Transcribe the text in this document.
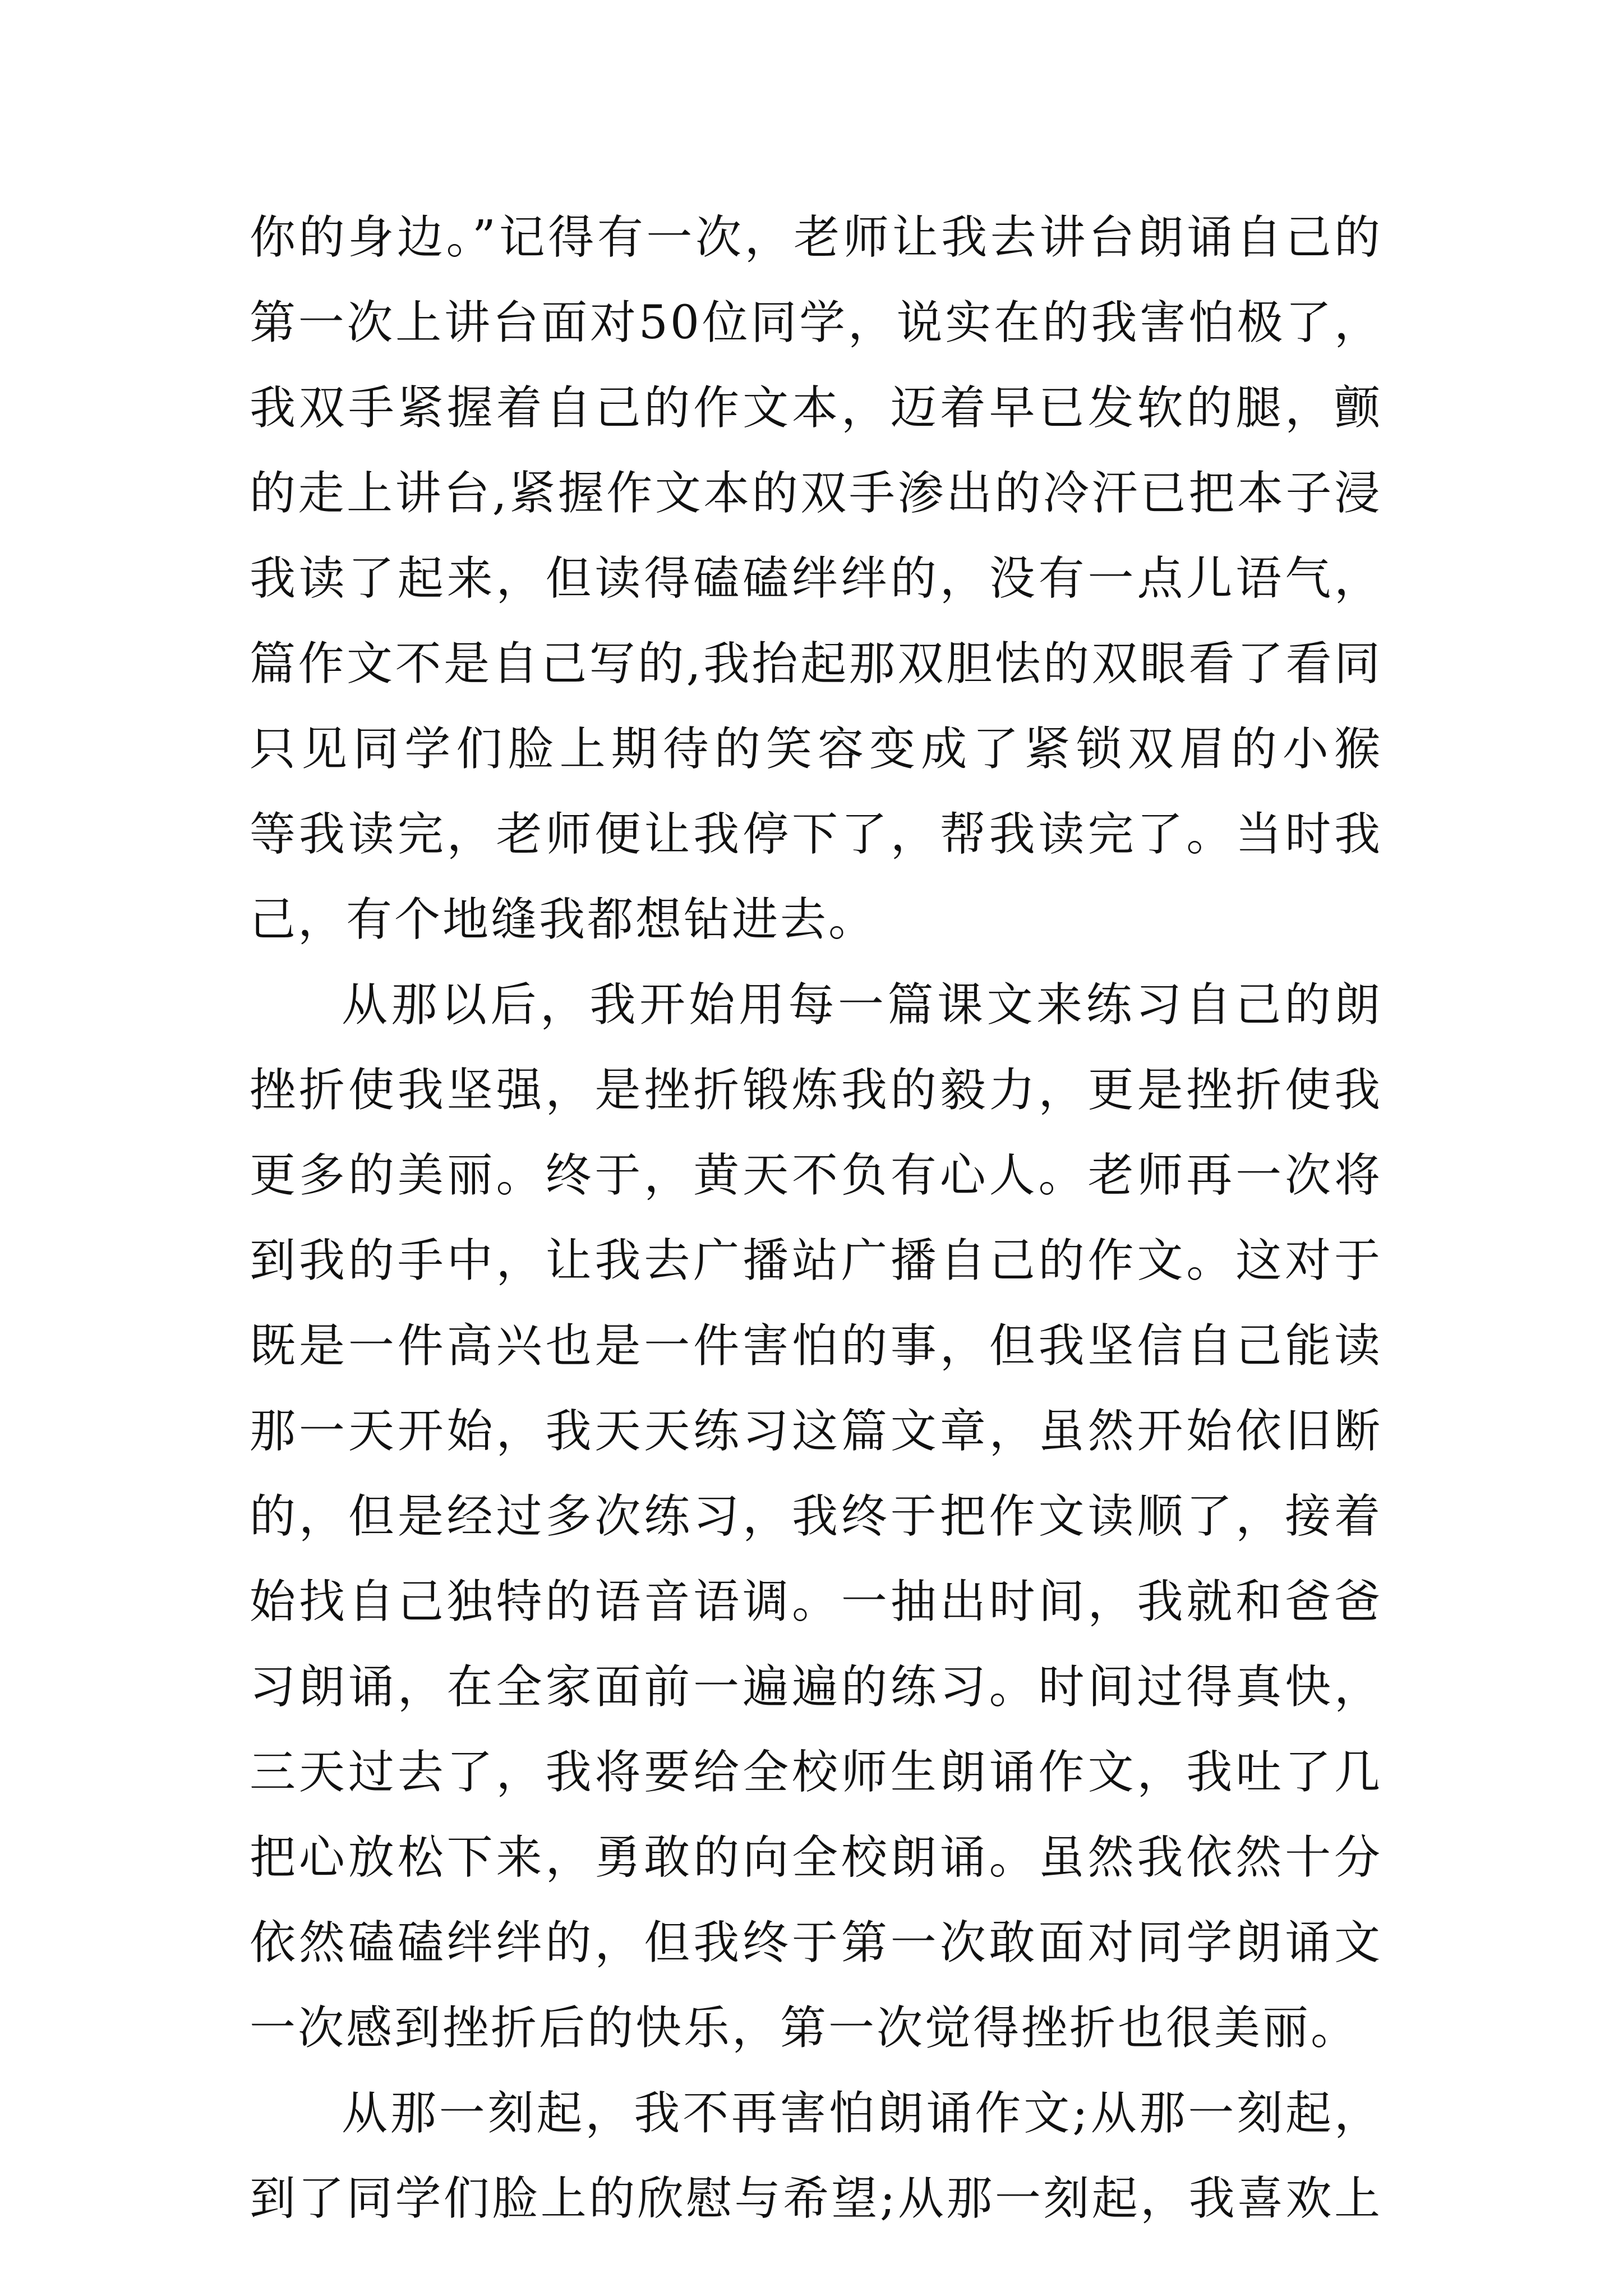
你的身边。”记得有一次，老师让我去讲台朗诵自己的
第一次上讲台面对50位同学，说实在的我害怕极了，
我双手紧握着自己的作文本，迈着早已发软的腿，颤
的走上讲台,紧握作文本的双手渗出的冷汗已把本子浸
我读了起来，但读得磕磕绊绊的，没有一点儿语气，
篇作文不是自己写的,我抬起那双胆怯的双眼看了看同
只见同学们脸上期待的笑容变成了紧锁双眉的小猴
等我读完，老师便让我停下了，帮我读完了。当时我
己，有个地缝我都想钻进去。
从那以后，我开始用每一篇课文来练习自己的朗
挫折使我坚强，是挫折锻炼我的毅力，更是挫折使我
更多的美丽。终于，黄天不负有心人。老师再一次将
到我的手中，让我去广播站广播自己的作文。这对于
既是一件高兴也是一件害怕的事，但我坚信自己能读
那一天开始，我天天练习这篇文章，虽然开始依旧断
的，但是经过多次练习，我终于把作文读顺了，接着
始找自己独特的语音语调。一抽出时间，我就和爸爸
习朗诵，在全家面前一遍遍的练习。时间过得真快，
三天过去了，我将要给全校师生朗诵作文，我吐了几
把心放松下来，勇敢的向全校朗诵。虽然我依然十分
依然磕磕绊绊的，但我终于第一次敢面对同学朗诵文
一次感到挫折后的快乐，第一次觉得挫折也很美丽。
从那一刻起，我不再害怕朗诵作文;从那一刻起，
到了同学们脸上的欣慰与希望;从那一刻起，我喜欢上
